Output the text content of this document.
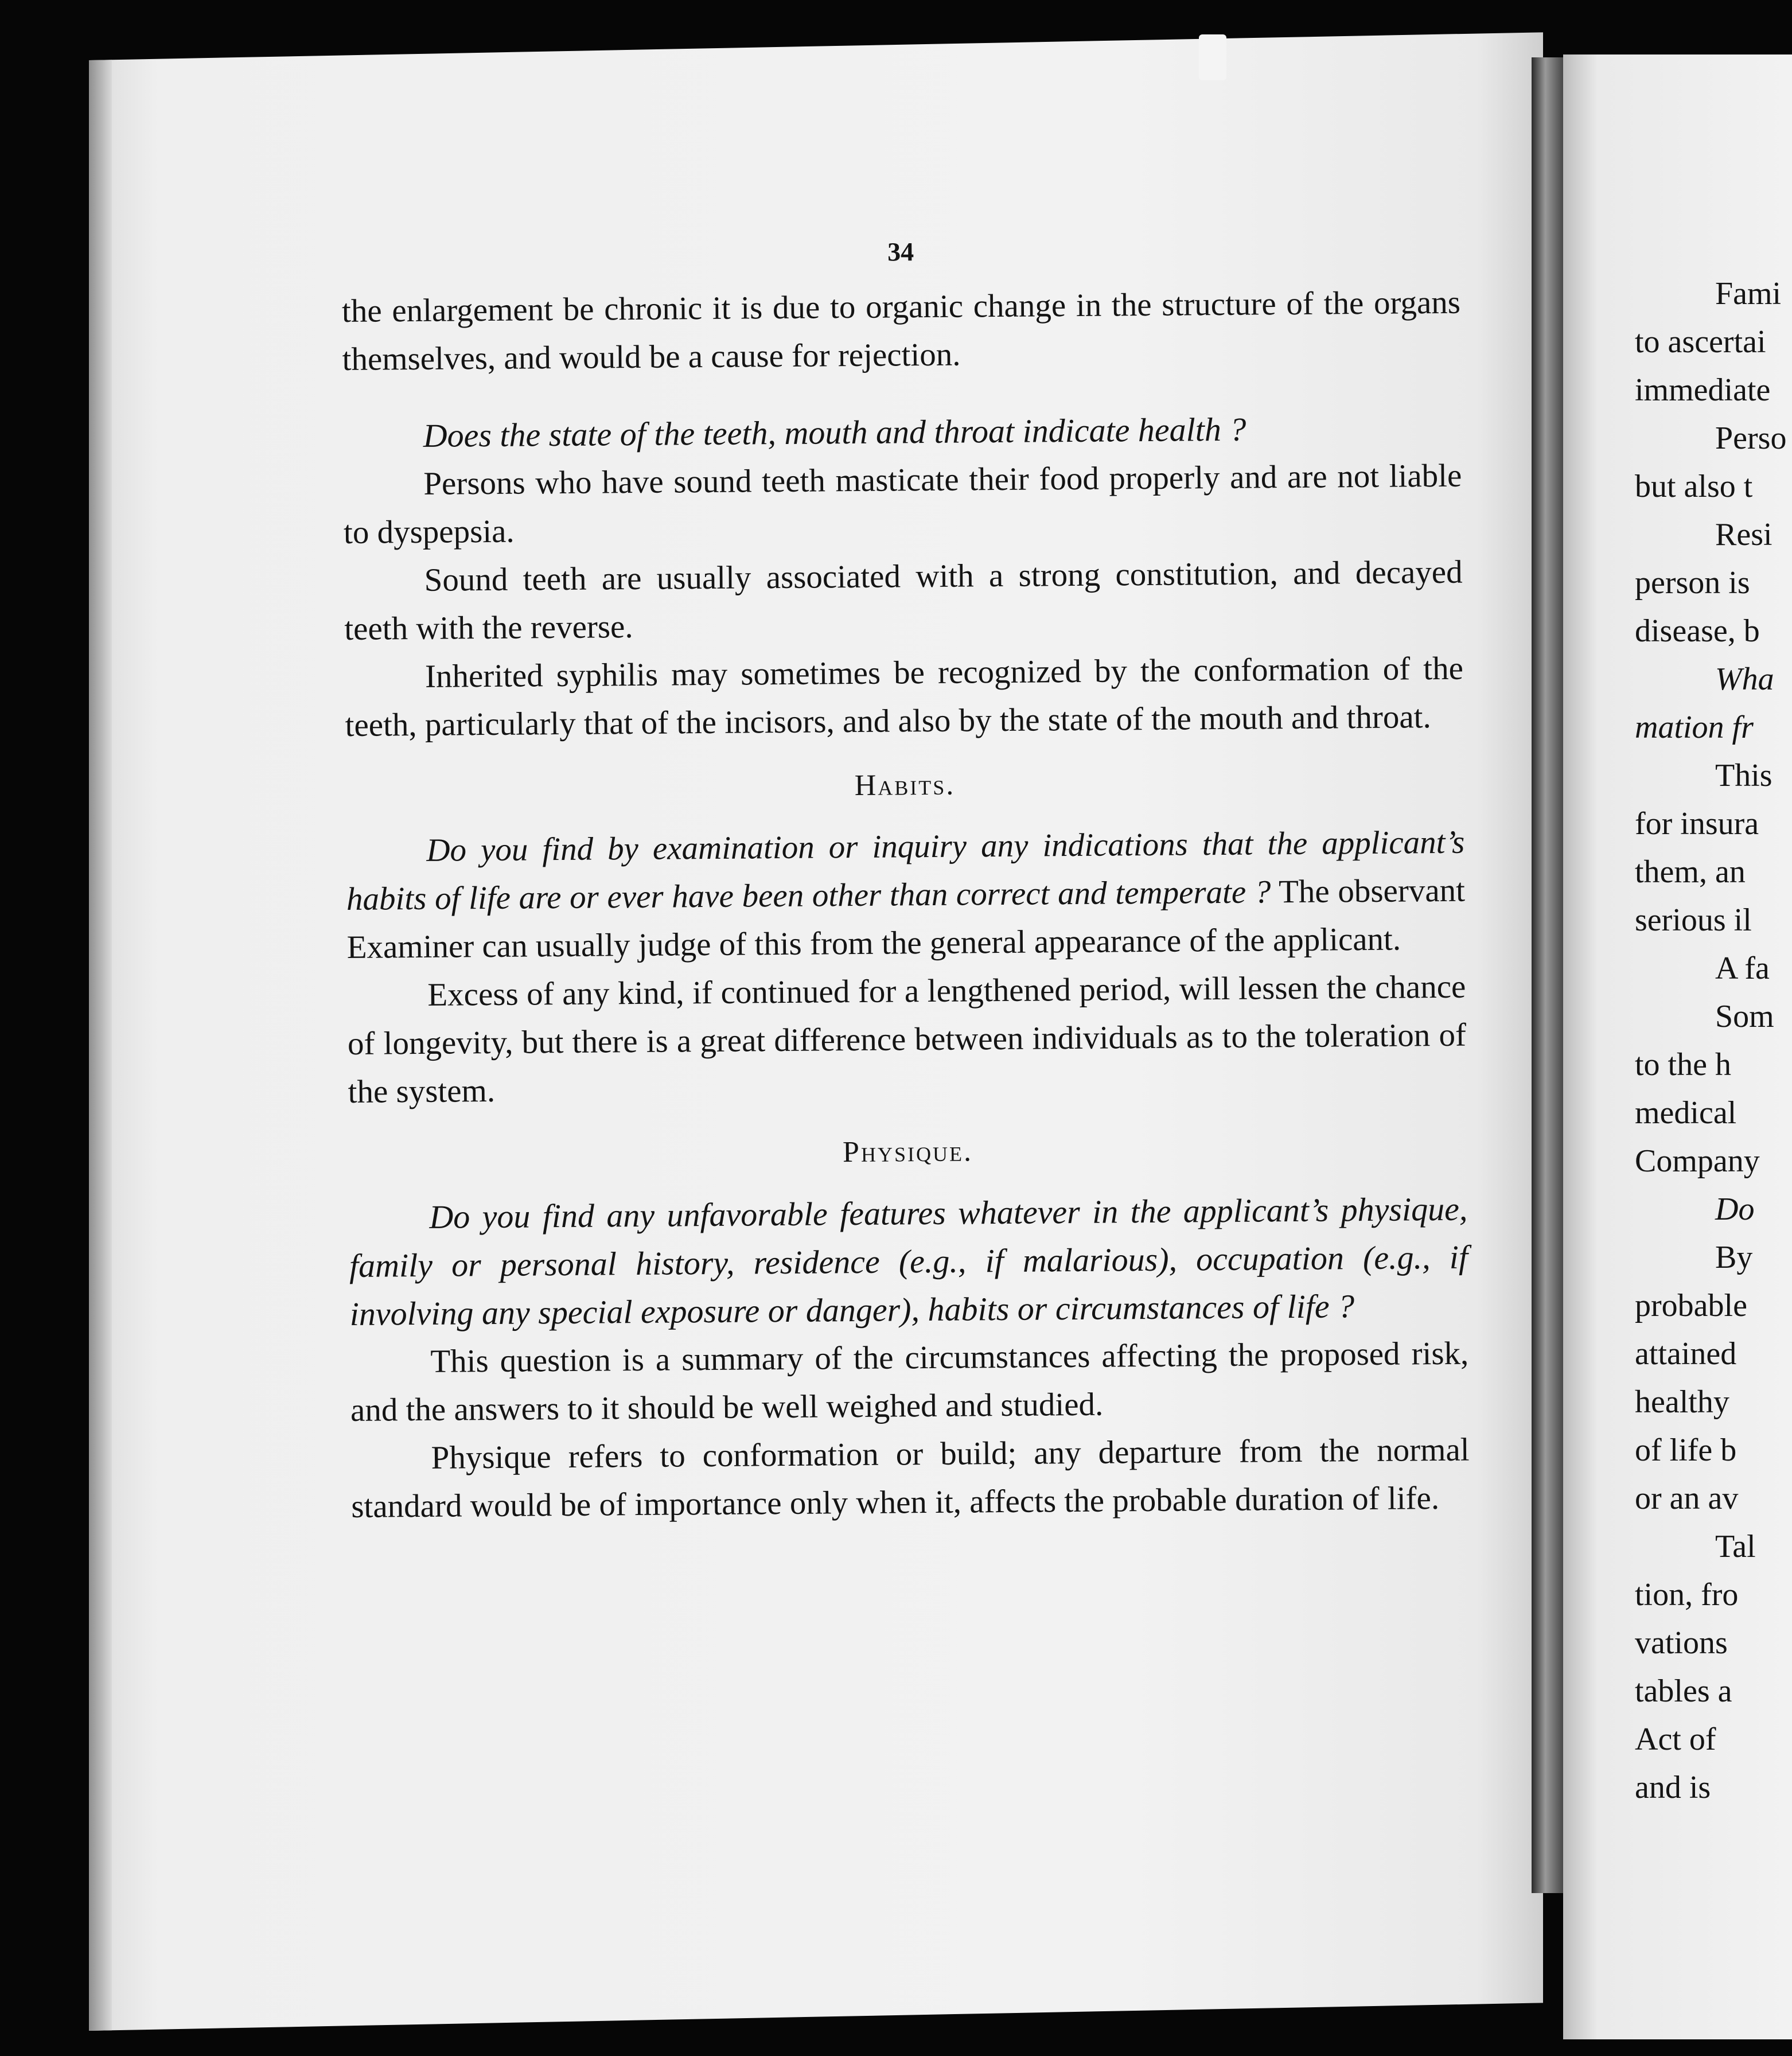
34

the enlargement be chronic it is due to organic change in the structure of the organs themselves, and would be a cause for rejection.

Does the state of the teeth, mouth and throat indicate health ?

Persons who have sound teeth masticate their food properly and are not liable to dyspepsia.

Sound teeth are usually associated with a strong constitution, and decayed teeth with the reverse.

Inherited syphilis may sometimes be recognized by the conformation of the teeth, particularly that of the incisors, and also by the state of the mouth and throat.

Habits.

Do you find by examination or inquiry any indications that the applicant’s habits of life are or ever have been other than correct and temperate ? The observant Examiner can usually judge of this from the general appearance of the applicant.

Excess of any kind, if continued for a lengthened period, will lessen the chance of longevity, but there is a great difference between individuals as to the toleration of the system.

Physique.

Do you find any unfavorable features whatever in the applicant’s physique, family or personal history, residence (e.g., if malarious), occupation (e.g., if involving any special exposure or danger), habits or circumstances of life ?

This question is a summary of the circumstances affecting the proposed risk, and the answers to it should be well weighed and studied.

Physique refers to conformation or build; any departure from the normal standard would be of importance only when it, affects the probable duration of life.

Fami
to ascertai
immediate
Perso
but also t
Resi
person is
disease, b
Wha
mation fr
This
for insura
them, an
serious il
A fa
Som
to the h
medical
Company
Do
By
probable
attained
healthy
of life b
or an av
Tal
tion, fro
vations
tables a
Act of
and is
